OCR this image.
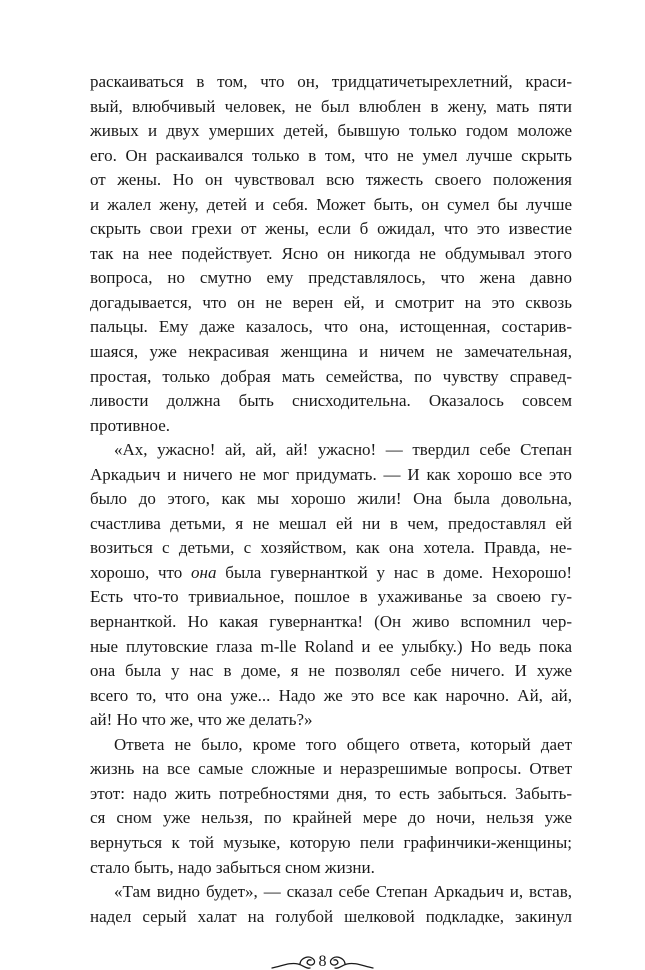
раскаиваться в том, что он, тридцатичетырехлетний, краси-
вый, влюбчивый человек, не был влюблен в жену, мать пяти
живых и двух умерших детей, бывшую только годом моложе
его. Он раскаивался только в том, что не умел лучше скрыть
от жены. Но он чувствовал всю тяжесть своего положения
и жалел жену, детей и себя. Может быть, он сумел бы лучше
скрыть свои грехи от жены, если б ожидал, что это известие
так на нее подействует. Ясно он никогда не обдумывал этого
вопроса, но смутно ему представлялось, что жена давно
догадывается, что он не верен ей, и смотрит на это сквозь
пальцы. Ему даже казалось, что она, истощенная, состарив-
шаяся, уже некрасивая женщина и ничем не замечательная,
простая, только добрая мать семейства, по чувству справед-
ливости должна быть снисходительна. Оказалось совсем
противное.
«Ах, ужасно! ай, ай, ай! ужасно! — твердил себе Степан
Аркадьич и ничего не мог придумать. — И как хорошо все это
было до этого, как мы хорошо жили! Она была довольна,
счастлива детьми, я не мешал ей ни в чем, предоставлял ей
возиться с детьми, с хозяйством, как она хотела. Правда, не-
хорошо, что она была гувернанткой у нас в доме. Нехорошо!
Есть что-то тривиальное, пошлое в ухаживанье за своею гу-
вернанткой. Но какая гувернантка! (Он живо вспомнил чер-
ные плутовские глаза m-lle Roland и ее улыбку.) Но ведь пока
она была у нас в доме, я не позволял себе ничего. И хуже
всего то, что она уже... Надо же это все как нарочно. Ай, ай,
ай! Но что же, что же делать?»
Ответа не было, кроме того общего ответа, который дает
жизнь на все самые сложные и неразрешимые вопросы. Ответ
этот: надо жить потребностями дня, то есть забыться. Забыть-
ся сном уже нельзя, по крайней мере до ночи, нельзя уже
вернуться к той музыке, которую пели графинчики-женщины;
стало быть, надо забыться сном жизни.
«Там видно будет», — сказал себе Степан Аркадьич и, встав,
надел серый халат на голубой шелковой подкладке, закинул
8
